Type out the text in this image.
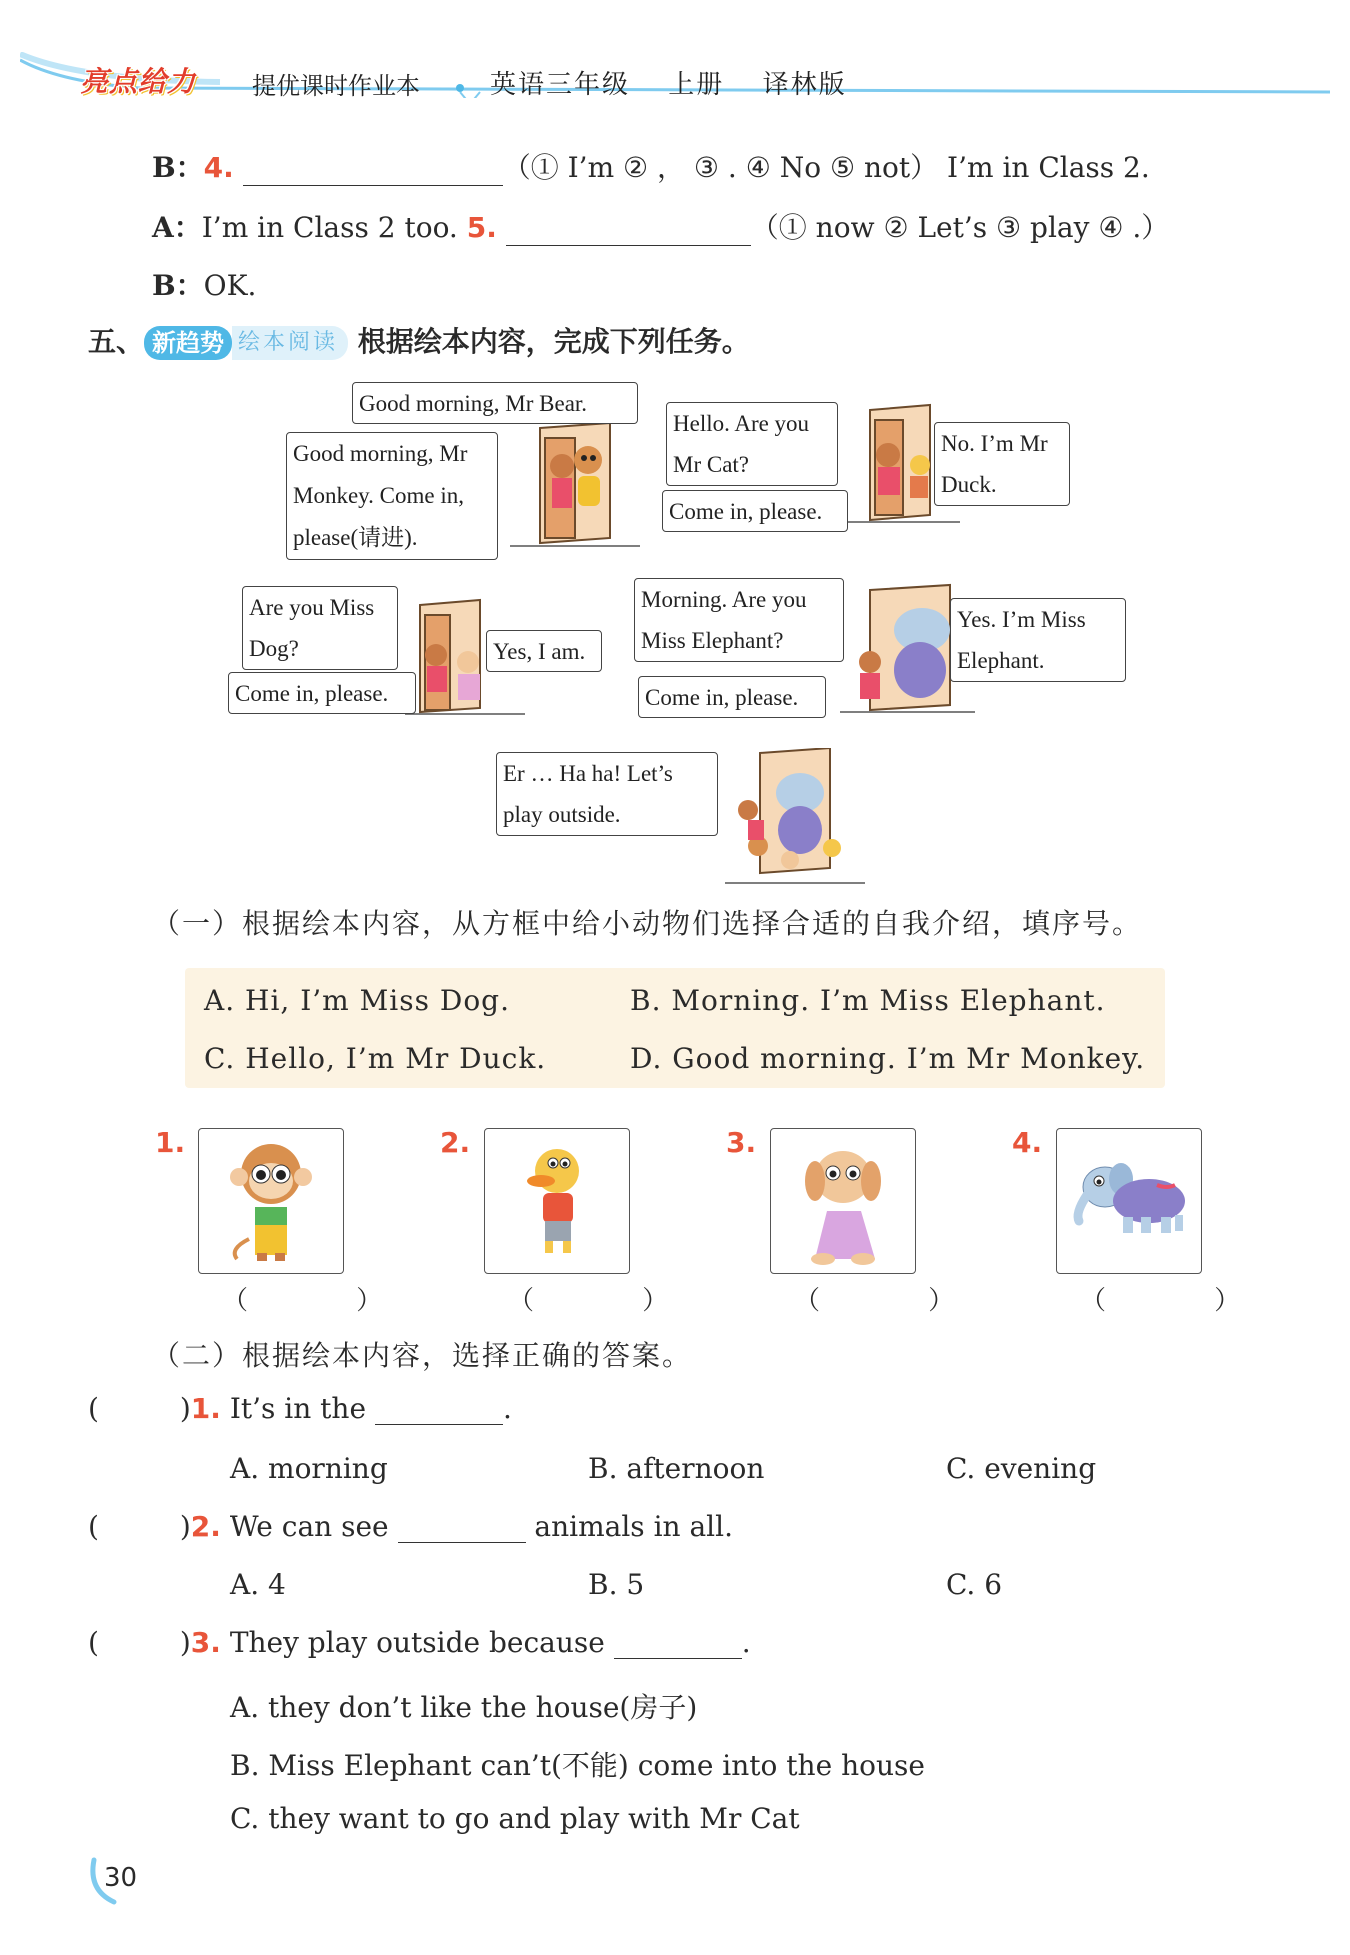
亮点给力 提优课时作业本	英语三年级 上册 译林版
B：4.	（① I’m ② ， ③ . ④ No ⑤ not） I’m in Class 2.
A：I’m in Class 2 too. 5.	（① now ② Let’s ③ play ④ .）
B：OK.
五、 新趋势 绘本阅读 根据绘本内容，完成下列任务。
Good morning, Mr Bear.
Good morning, Mr
Monkey. Come in,
please(请进).
Hello. Are you
Mr Cat?
No. I’m Mr
Duck.
Come in, please.
Are you Miss
Dog?	Yes, I am.
Come in, please.
Morning. Are you
Miss Elephant?
Yes. I’m Miss
Elephant.
Come in, please.
Er … Ha ha! Let’s
play outside.
（一）根据绘本内容，从方框中给小动物们选择合适的自我介绍，填序号。
A. Hi, I’m Miss Dog.	B. Morning. I’m Miss Elephant.
C. Hello, I’m Mr Duck.	D. Good morning. I’m Mr Monkey.
1.
（ ）
2.
（ ）
3.
（ ）
4.
（ ）
（二）根据绘本内容，选择正确的答案。
(	)1. It’s in the	.
A. morning	B. afternoon	C. evening
(	)2. We can see	animals in all.
A. 4	B. 5	C. 6
(	)3. They play outside because	.
A. they don’t like the house(房子)
B. Miss Elephant can’t(不能) come into the house
C. they want to go and play with Mr Cat
30
